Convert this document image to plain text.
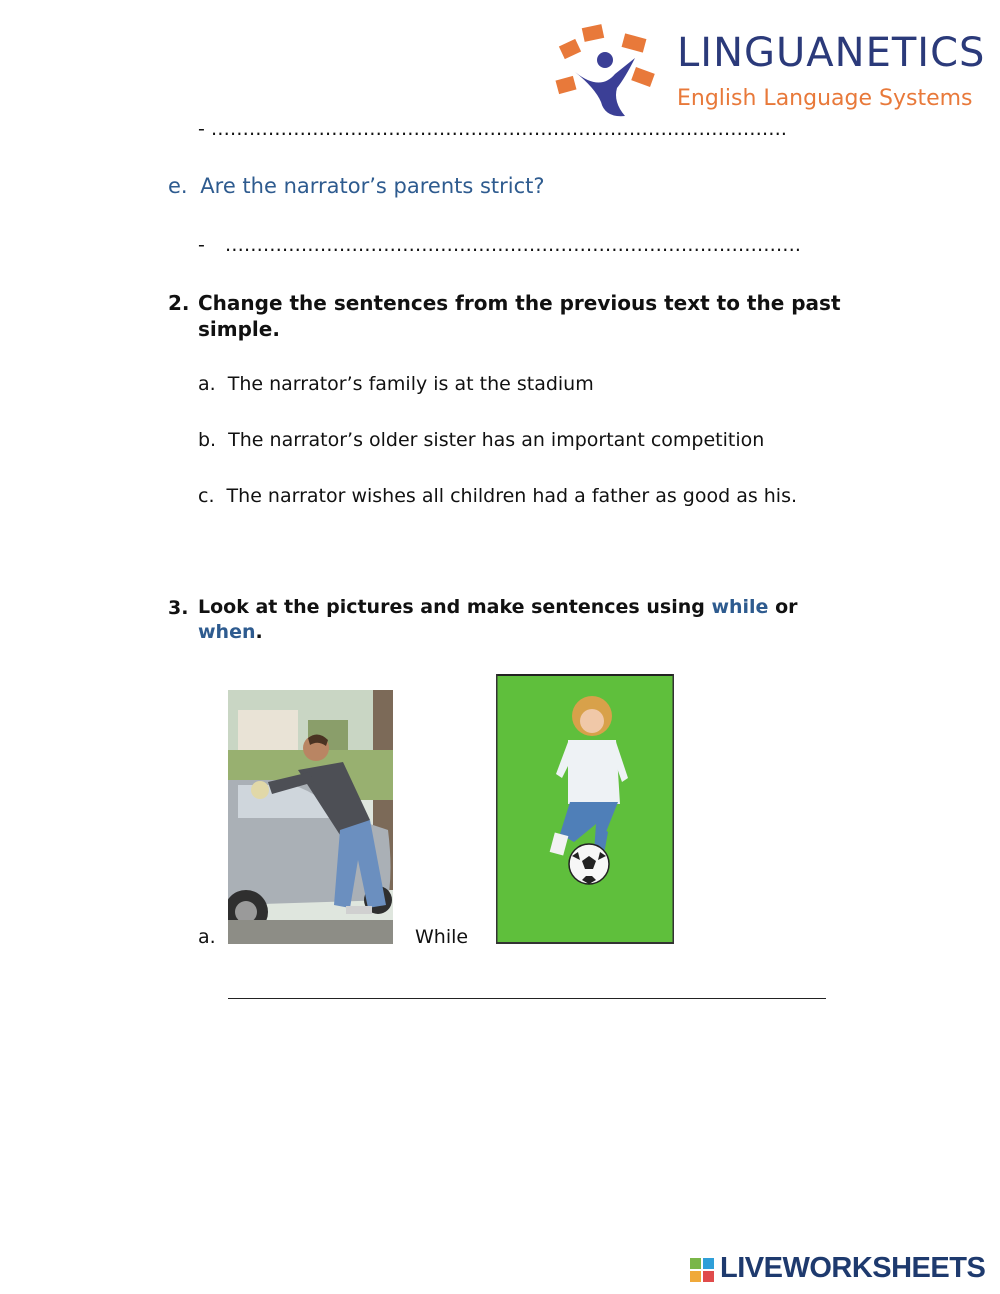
LINGUANETICS
English Language Systems
- ……………………………………………………………………………….
e. Are the narrator’s parents strict?
- ……………………………………………………………………………….
2. Change the sentences from the previous text to the past
simple.
a. The narrator’s family is at the stadium
b. The narrator’s older sister has an important competition
c. The narrator wishes all children had a father as good as his.
3. Look at the pictures and make sentences using while or
when.
a.	While
LIVEWORKSHEETS
